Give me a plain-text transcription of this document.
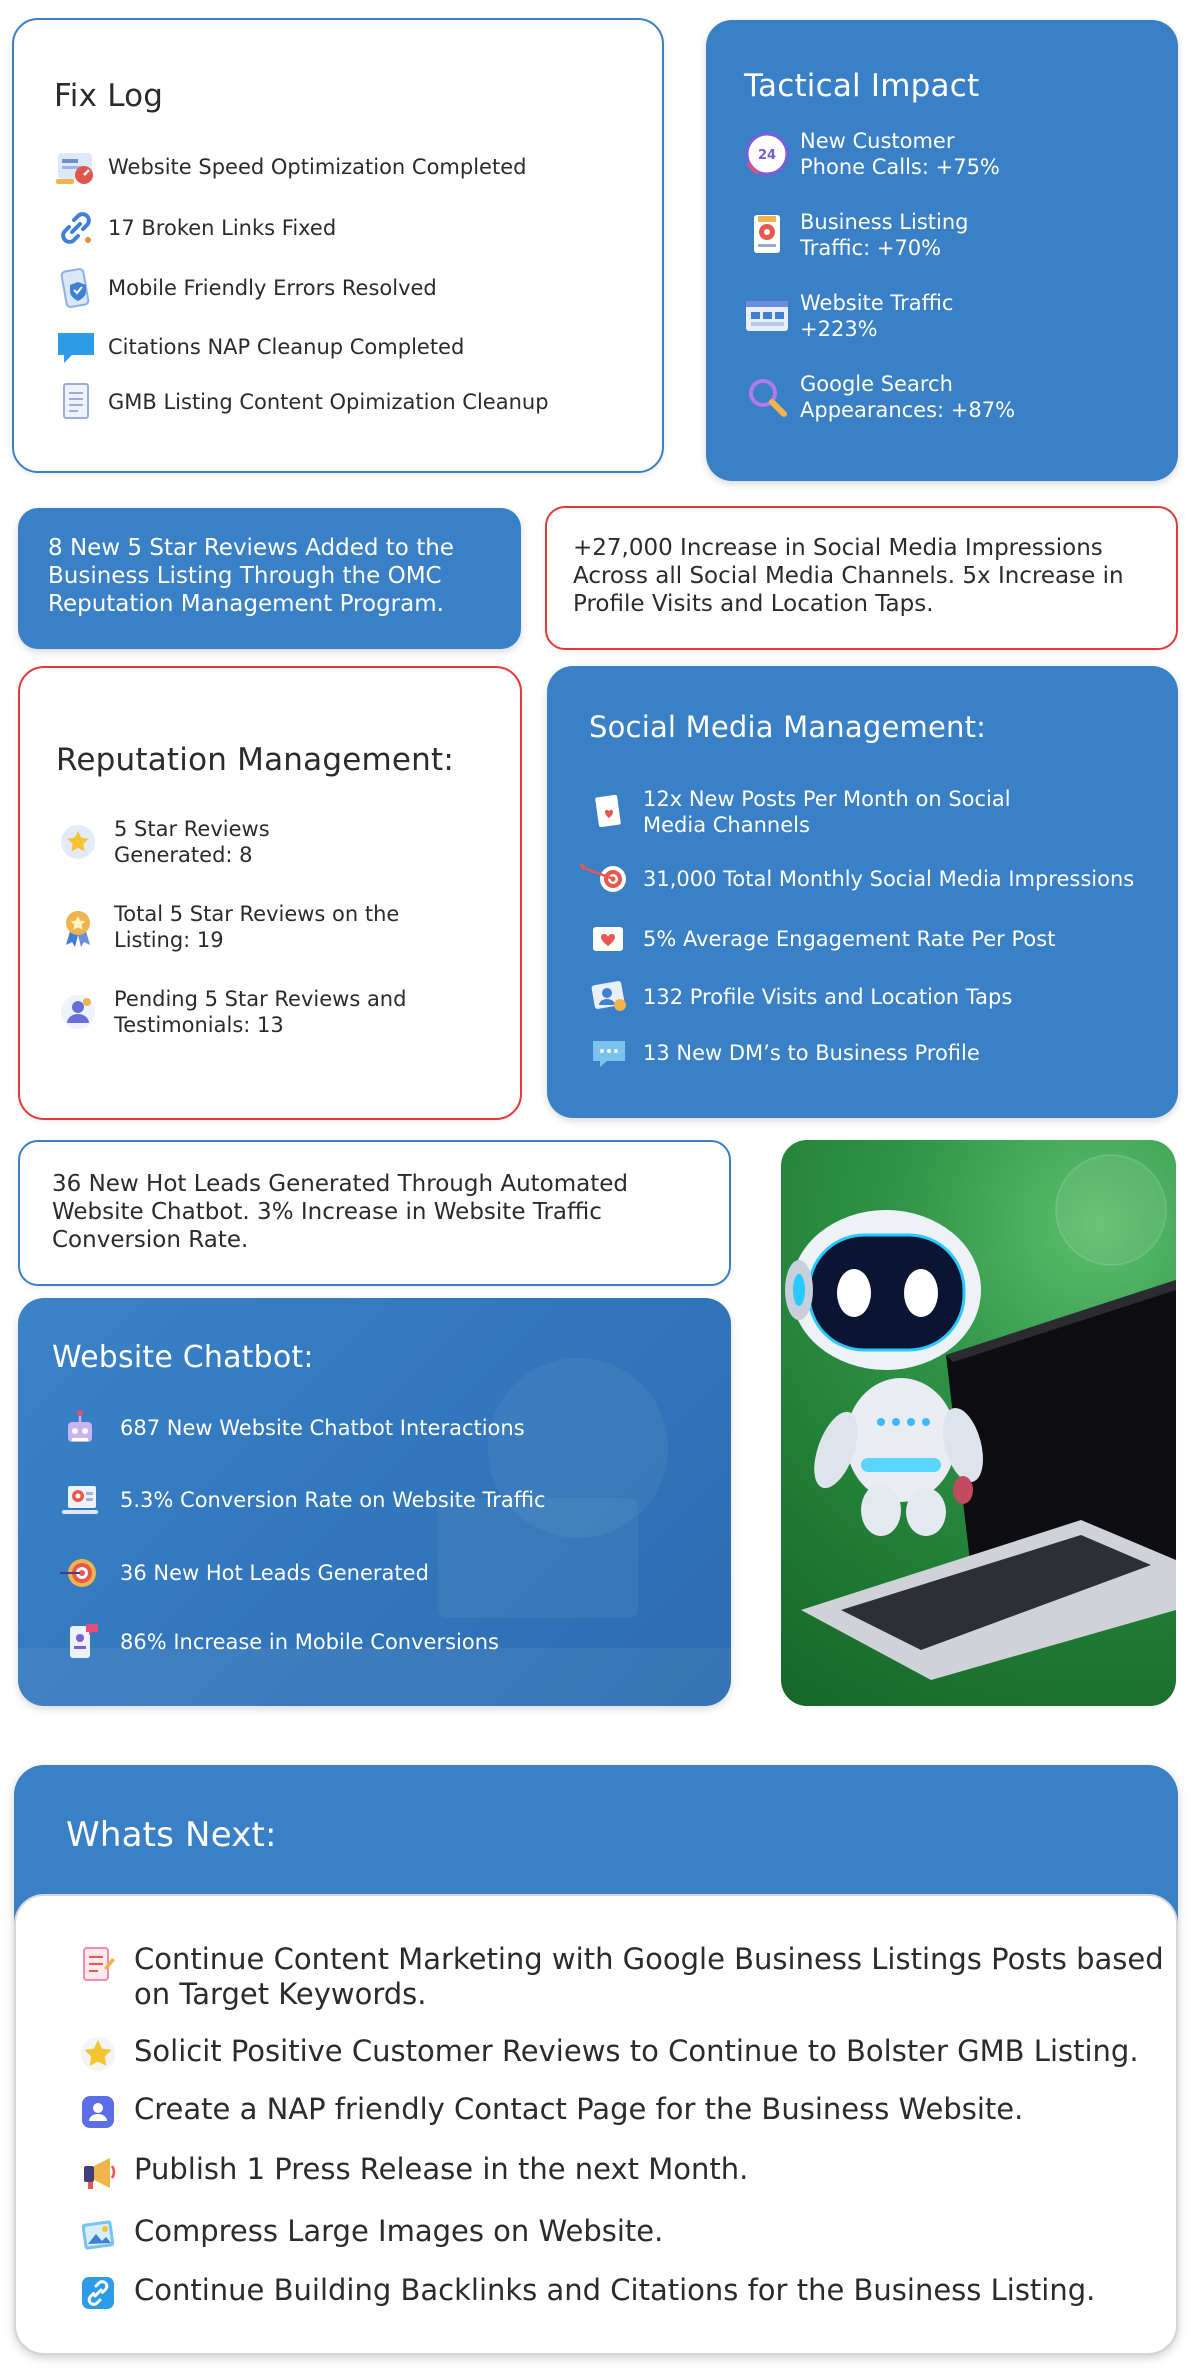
Fix Log
Website Speed Optimization Completed
17 Broken Links Fixed
Mobile Friendly Errors Resolved
Citations NAP Cleanup Completed
GMB Listing Content Opimization Cleanup
Tactical Impact
24
New Customer
Phone Calls: +75%
Business Listing
Traffic: +70%
Website Traffic
+223%
Google Search
Appearances: +87%
8 New 5 Star Reviews Added to the
Business Listing Through the OMC
Reputation Management Program.
+27,000 Increase in Social Media Impressions
Across all Social Media Channels. 5x Increase in
Profile Visits and Location Taps.
Reputation Management:
5 Star Reviews
Generated: 8
Total 5 Star Reviews on the
Listing: 19
Pending 5 Star Reviews and
Testimonials: 13
Social Media Management:
12x New Posts Per Month on Social
Media Channels
31,000 Total Monthly Social Media Impressions
5% Average Engagement Rate Per Post
132 Profile Visits and Location Taps
13 New DM’s to Business Profile
36 New Hot Leads Generated Through Automated
Website Chatbot. 3% Increase in Website Traffic
Conversion Rate.
Website Chatbot:
687 New Website Chatbot Interactions
5.3% Conversion Rate on Website Traffic
36 New Hot Leads Generated
86% Increase in Mobile Conversions
Whats Next:
Continue Content Marketing with Google Business Listings Posts based
on Target Keywords.
Solicit Positive Customer Reviews to Continue to Bolster GMB Listing.
Create a NAP friendly Contact Page for the Business Website.
Publish 1 Press Release in the next Month.
Compress Large Images on Website.
Continue Building Backlinks and Citations for the Business Listing.
